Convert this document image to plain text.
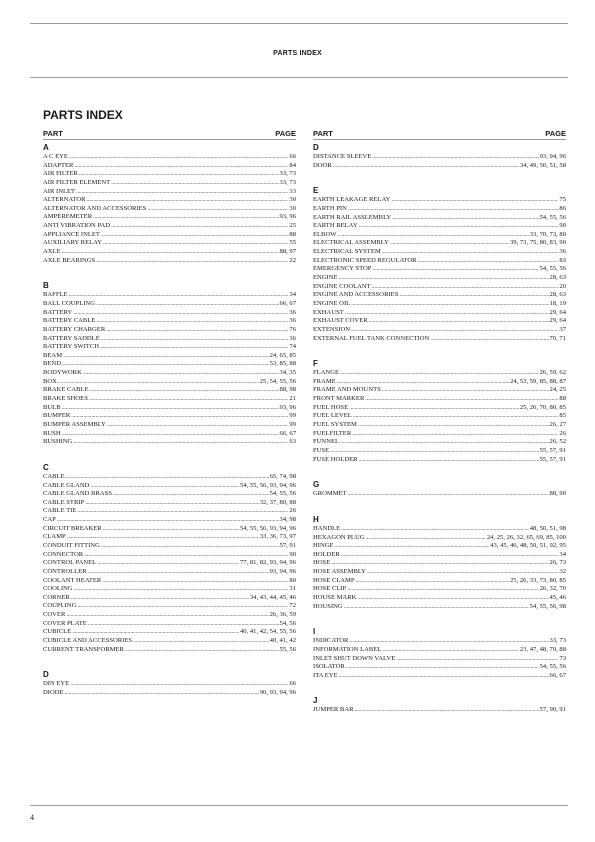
PARTS INDEX
PARTS INDEX
PART	PAGE
A
A C EYE .....	66
ADAPTER .....	84
AIR FILTER .....	33, 73
AIR FILTER ELEMENT .....	33, 73
AIR INLET .....	33
ALTERNATOR .....	30
ALTERNATOR AND ACCESSORIES .....	30
AMPEREMETER .....	93, 96
ANTI VIBRATION PAD .....	25
APPLIANCE INLET .....	88
AUXILIARY RELAY .....	55
AXLE .....	88, 97
AXLE BEARINGS .....	22
B
BAFFLE .....	34
BALL COUPLING .....	66, 67
BATTERY .....	36
BATTERY CABLE .....	36
BATTERY CHARGER .....	76
BATTERY SADDLE .....	36
BATTERY SWITCH .....	74
BEAM .....	24, 65, 85
BEND .....	53, 85, 88
BODYWORK .....	34, 35
BOX .....	25, 54, 55, 56
BRAKE CABLE .....	88, 98
BRAKE SHOES .....	21
BULB .....	93, 96
BUMPER .....	99
BUMPER ASSEMBLY .....	99
BUSH .....	66, 67
BUSHING .....	63
C
CABLE .....	65, 74, 98
CABLE GLAND .....	54, 55, 56, 93, 94, 96
CABLE GLAND BRASS .....	54, 55, 56
CABLE STRIP .....	32, 37, 80, 88
CABLE TIE .....	26
CAP .....	34, 98
CIRCUIT BREAKER .....	54, 55, 56, 93, 94, 96
CLAMP .....	33, 36, 73, 97
CONDUIT FITTING .....	57, 91
CONNECTOR .....	90
CONTROL PANEL .....	77, 81, 82, 93, 94, 96
CONTROLLER .....	93, 94, 96
COOLANT HEATER .....	80
COOLING .....	31
CORNER .....	34, 43, 44, 45, 46
COUPLING .....	72
COVER .....	26, 36, 59
COVER PLATE .....	54, 56
CUBICLE .....	40, 41, 42, 54, 55, 56
CUBICLE AND ACCESSORIES .....	40, 41, 42
CURRENT TRANSFORMER .....	55, 56
D
DIN EYE .....	66
DIODE .....	90, 93, 94, 96
PART	PAGE
D
DISTANCE SLEEVE .....	93, 94, 96
DOOR .....	34, 49, 50, 51, 58
E
EARTH LEAKAGE RELAY .....	75
EARTH PIN .....	86
EARTH RAIL ASSLEMBLY .....	54, 55, 56
EARTH RELAY .....	90
ELBOW .....	33, 70, 73, 80
ELECTRICAL ASSEMBLY .....	39, 73, 75, 80, 83, 90
ELECTRICAL SYSTEM .....	36
ELECTRONIC SPEED REGULATOR .....	83
EMERGENCY STOP .....	54, 55, 56
ENGINE .....	28, 63
ENGINE COOLANT .....	20
ENGINE AND ACCESSORIES .....	28, 63
ENGINE OIL .....	18, 19
EXHAUST .....	29, 64
EXHAUST COVER .....	29, 64
EXTENSION .....	37
EXTERNAL FUEL TANK CONNECTION .....	70, 71
F
FLANGE .....	26, 59, 62
FRAME .....	24, 53, 59, 85, 88, 87
FRAME AND MOUNTS .....	24, 25
FRONT MARKER .....	88
FUEL HOSE .....	25, 26, 70, 80, 85
FUEL LEVEL .....	85
FUEL SYSTEM .....	26, 27
FUELFILTER .....	26
FUNNEL .....	26, 52
FUSE .....	55, 57, 91
FUSE HOLDER .....	55, 57, 91
G
GROMMET .....	88, 90
H
HANDLE .....	48, 50, 51, 98
HEXAGON PLUG .....	24, 25, 26, 32, 65, 69, 85, 100
HINGE .....	43, 45, 46, 48, 50, 51, 92, 95
HOLDER .....	34
HOSE .....	26, 73
HOSE ASSEMBLY .....	32
HOSE CLAMP .....	25, 26, 33, 73, 80, 85
HOSE CLIP .....	26, 32, 70
HOUSE MARK .....	45, 46
HOUSING .....	54, 55, 56, 98
I
INDICATOR .....	33, 73
INFORMATION LABEL .....	23, 47, 48, 70, 88
INLET SHUT DOWN VALVE .....	73
ISOLATOR .....	54, 55, 56
ITA EYE .....	66, 67
J
JUMPER BAR .....	57, 90, 91
4
